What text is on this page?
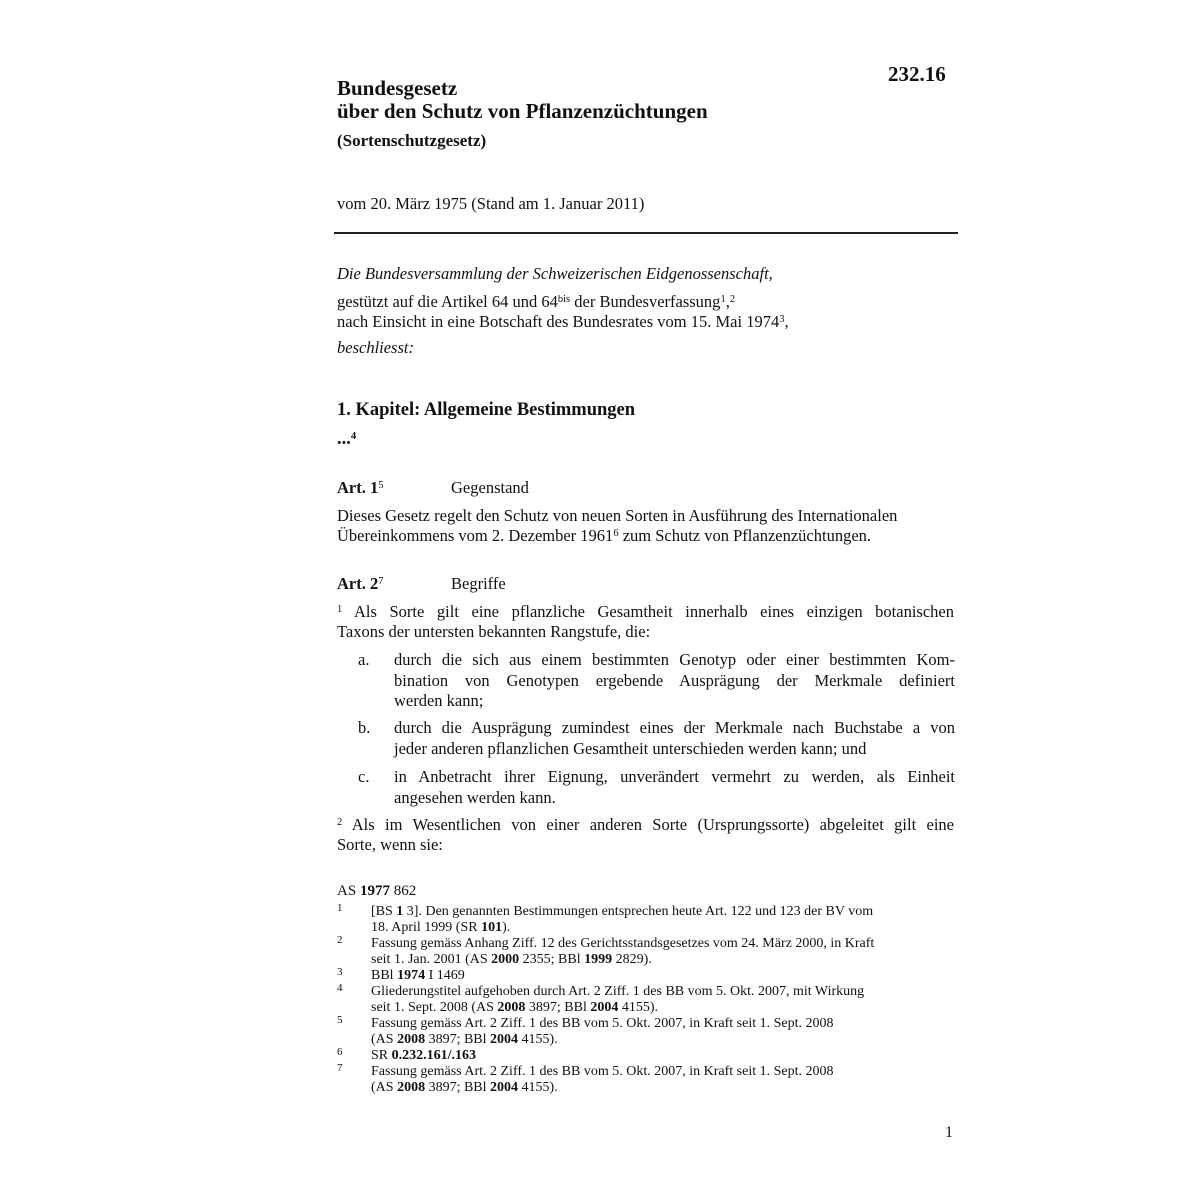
232.16
Bundesgesetz
über den Schutz von Pflanzenzüchtungen
(Sortenschutzgesetz)
vom 20. März 1975 (Stand am 1. Januar 2011)
Die Bundesversammlung der Schweizerischen Eidgenossenschaft,
gestützt auf die Artikel 64 und $64^{bis}$ der Bundesverfassung$^1$,$^2$
nach Einsicht in eine Botschaft des Bundesrates vom 15. Mai 1974$^3$,
beschliesst:
1. Kapitel: Allgemeine Bestimmungen
...$^4$
Art. $1^5$	Gegenstand
Dieses Gesetz regelt den Schutz von neuen Sorten in Ausführung des Internationalen
Übereinkommens vom 2. Dezember 1961$^6$ zum Schutz von Pflanzenzüchtungen.
Art. $2^7$	Begriffe
$^1$ Als Sorte gilt eine pflanzliche Gesamtheit innerhalb eines einzigen botanischen
Taxons der untersten bekannten Rangstufe, die:
a. durch die sich aus einem bestimmten Genotyp oder einer bestimmten Kom-
bination von Genotypen ergebende Ausprägung der Merkmale definiert
werden kann;
b. durch die Ausprägung zumindest eines der Merkmale nach Buchstabe a von
jeder anderen pflanzlichen Gesamtheit unterschieden werden kann; und
c. in Anbetracht ihrer Eignung, unverändert vermehrt zu werden, als Einheit
angesehen werden kann.
$^2$ Als im Wesentlichen von einer anderen Sorte (Ursprungssorte) abgeleitet gilt eine
Sorte, wenn sie:
AS 1977 862
1 [BS 1 3]. Den genannten Bestimmungen entsprechen heute Art. 122 und 123 der BV vom
18. April 1999 (SR 101).
2 Fassung gemäss Anhang Ziff. 12 des Gerichtsstandsgesetzes vom 24. März 2000, in Kraft
seit 1. Jan. 2001 (AS 2000 2355; BBl 1999 2829).
3 BBl 1974 I 1469
4 Gliederungstitel aufgehoben durch Art. 2 Ziff. 1 des BB vom 5. Okt. 2007, mit Wirkung
seit 1. Sept. 2008 (AS 2008 3897; BBl 2004 4155).
5 Fassung gemäss Art. 2 Ziff. 1 des BB vom 5. Okt. 2007, in Kraft seit 1. Sept. 2008
(AS 2008 3897; BBl 2004 4155).
6 SR 0.232.161/.163
7 Fassung gemäss Art. 2 Ziff. 1 des BB vom 5. Okt. 2007, in Kraft seit 1. Sept. 2008
(AS 2008 3897; BBl 2004 4155).
1
